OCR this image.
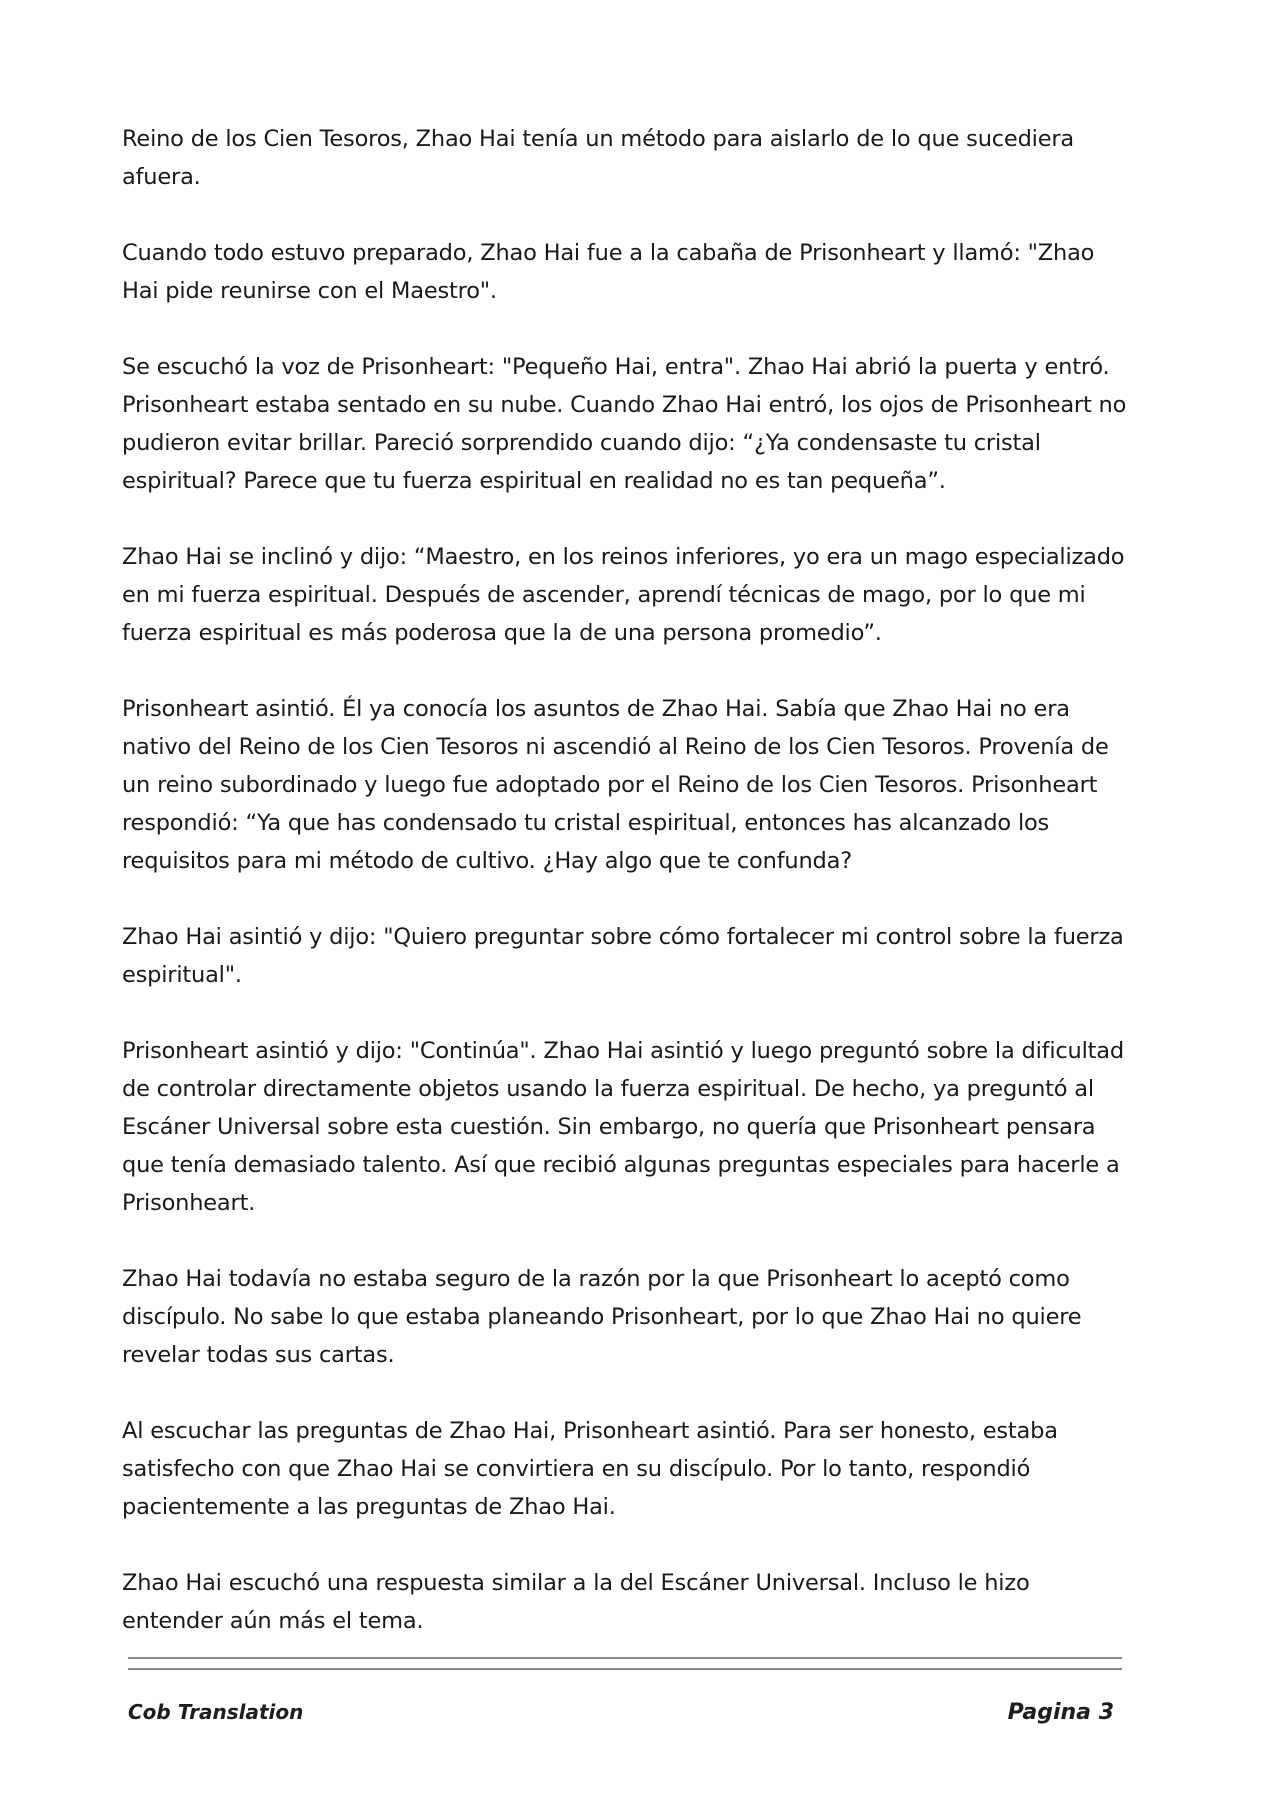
Reino de los Cien Tesoros, Zhao Hai tenía un método para aislarlo de lo que sucediera afuera.

Cuando todo estuvo preparado, Zhao Hai fue a la cabaña de Prisonheart y llamó: "Zhao Hai pide reunirse con el Maestro".

Se escuchó la voz de Prisonheart: "Pequeño Hai, entra". Zhao Hai abrió la puerta y entró. Prisonheart estaba sentado en su nube. Cuando Zhao Hai entró, los ojos de Prisonheart no pudieron evitar brillar. Pareció sorprendido cuando dijo: “¿Ya condensaste tu cristal espiritual? Parece que tu fuerza espiritual en realidad no es tan pequeña”.

Zhao Hai se inclinó y dijo: “Maestro, en los reinos inferiores, yo era un mago especializado en mi fuerza espiritual. Después de ascender, aprendí técnicas de mago, por lo que mi fuerza espiritual es más poderosa que la de una persona promedio”.

Prisonheart asintió. Él ya conocía los asuntos de Zhao Hai. Sabía que Zhao Hai no era nativo del Reino de los Cien Tesoros ni ascendió al Reino de los Cien Tesoros. Provenía de un reino subordinado y luego fue adoptado por el Reino de los Cien Tesoros. Prisonheart respondió: “Ya que has condensado tu cristal espiritual, entonces has alcanzado los requisitos para mi método de cultivo. ¿Hay algo que te confunda?

Zhao Hai asintió y dijo: "Quiero preguntar sobre cómo fortalecer mi control sobre la fuerza espiritual".

Prisonheart asintió y dijo: "Continúa". Zhao Hai asintió y luego preguntó sobre la dificultad de controlar directamente objetos usando la fuerza espiritual. De hecho, ya preguntó al Escáner Universal sobre esta cuestión. Sin embargo, no quería que Prisonheart pensara que tenía demasiado talento. Así que recibió algunas preguntas especiales para hacerle a Prisonheart.

Zhao Hai todavía no estaba seguro de la razón por la que Prisonheart lo aceptó como discípulo. No sabe lo que estaba planeando Prisonheart, por lo que Zhao Hai no quiere revelar todas sus cartas.

Al escuchar las preguntas de Zhao Hai, Prisonheart asintió. Para ser honesto, estaba satisfecho con que Zhao Hai se convirtiera en su discípulo. Por lo tanto, respondió pacientemente a las preguntas de Zhao Hai.

Zhao Hai escuchó una respuesta similar a la del Escáner Universal. Incluso le hizo entender aún más el tema.

Cob Translation	Pagina 3
